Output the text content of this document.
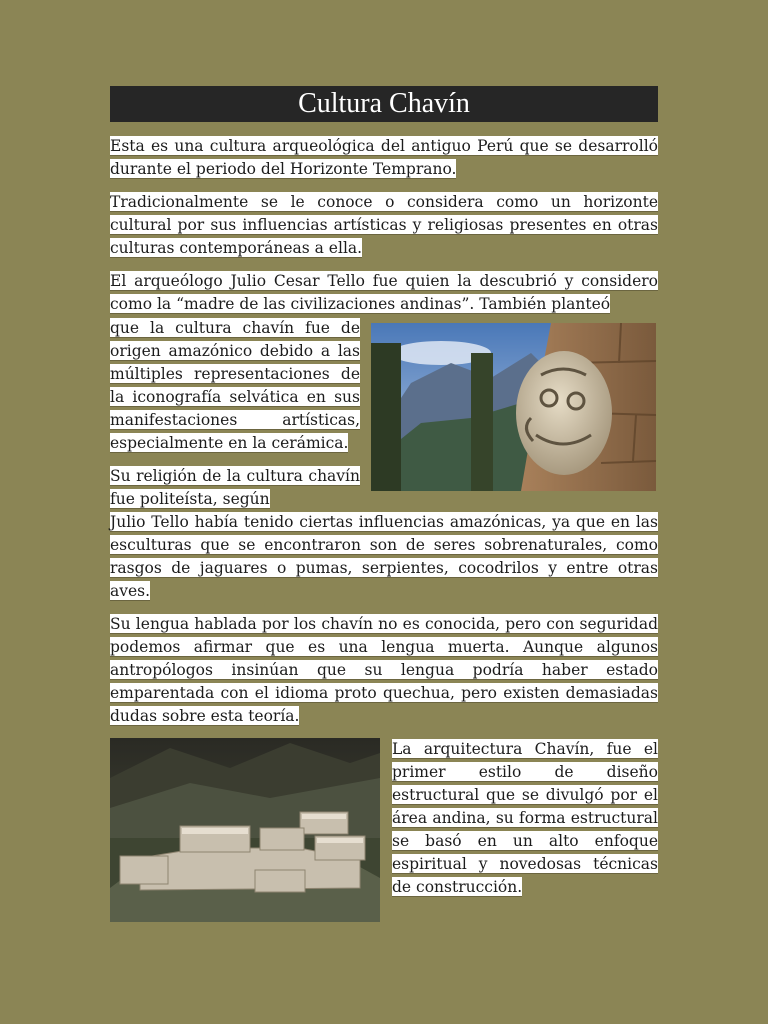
Cultura Chavín
Esta es una cultura arqueológica del antiguo Perú que se desarrolló durante el periodo del Horizonte Temprano.
Tradicionalmente se le conoce o considera como un horizonte cultural por sus influencias artísticas y religiosas presentes en otras culturas contemporáneas a ella.
El arqueólogo Julio Cesar Tello fue quien la descubrió y considero como la “madre de las civilizaciones andinas”. También planteó
que la cultura chavín fue de origen amazónico debido a las múltiples representaciones de la iconografía selvática en sus manifestaciones artísticas, especialmente en la cerámica.
Su religión de la cultura chavín fue politeísta, según
Julio Tello había tenido ciertas influencias amazónicas, ya que en las esculturas que se encontraron son de seres sobrenaturales, como rasgos de jaguares o pumas, serpientes, cocodrilos y entre otras aves.
Su lengua hablada por los chavín no es conocida, pero con seguridad podemos afirmar que es una lengua muerta. Aunque algunos antropólogos insinúan que su lengua podría haber estado emparentada con el idioma proto quechua, pero existen demasiadas dudas sobre esta teoría.
La arquitectura Chavín, fue el primer estilo de diseño estructural que se divulgó por el área andina, su forma estructural se basó en un alto enfoque espiritual y novedosas técnicas de construcción.
